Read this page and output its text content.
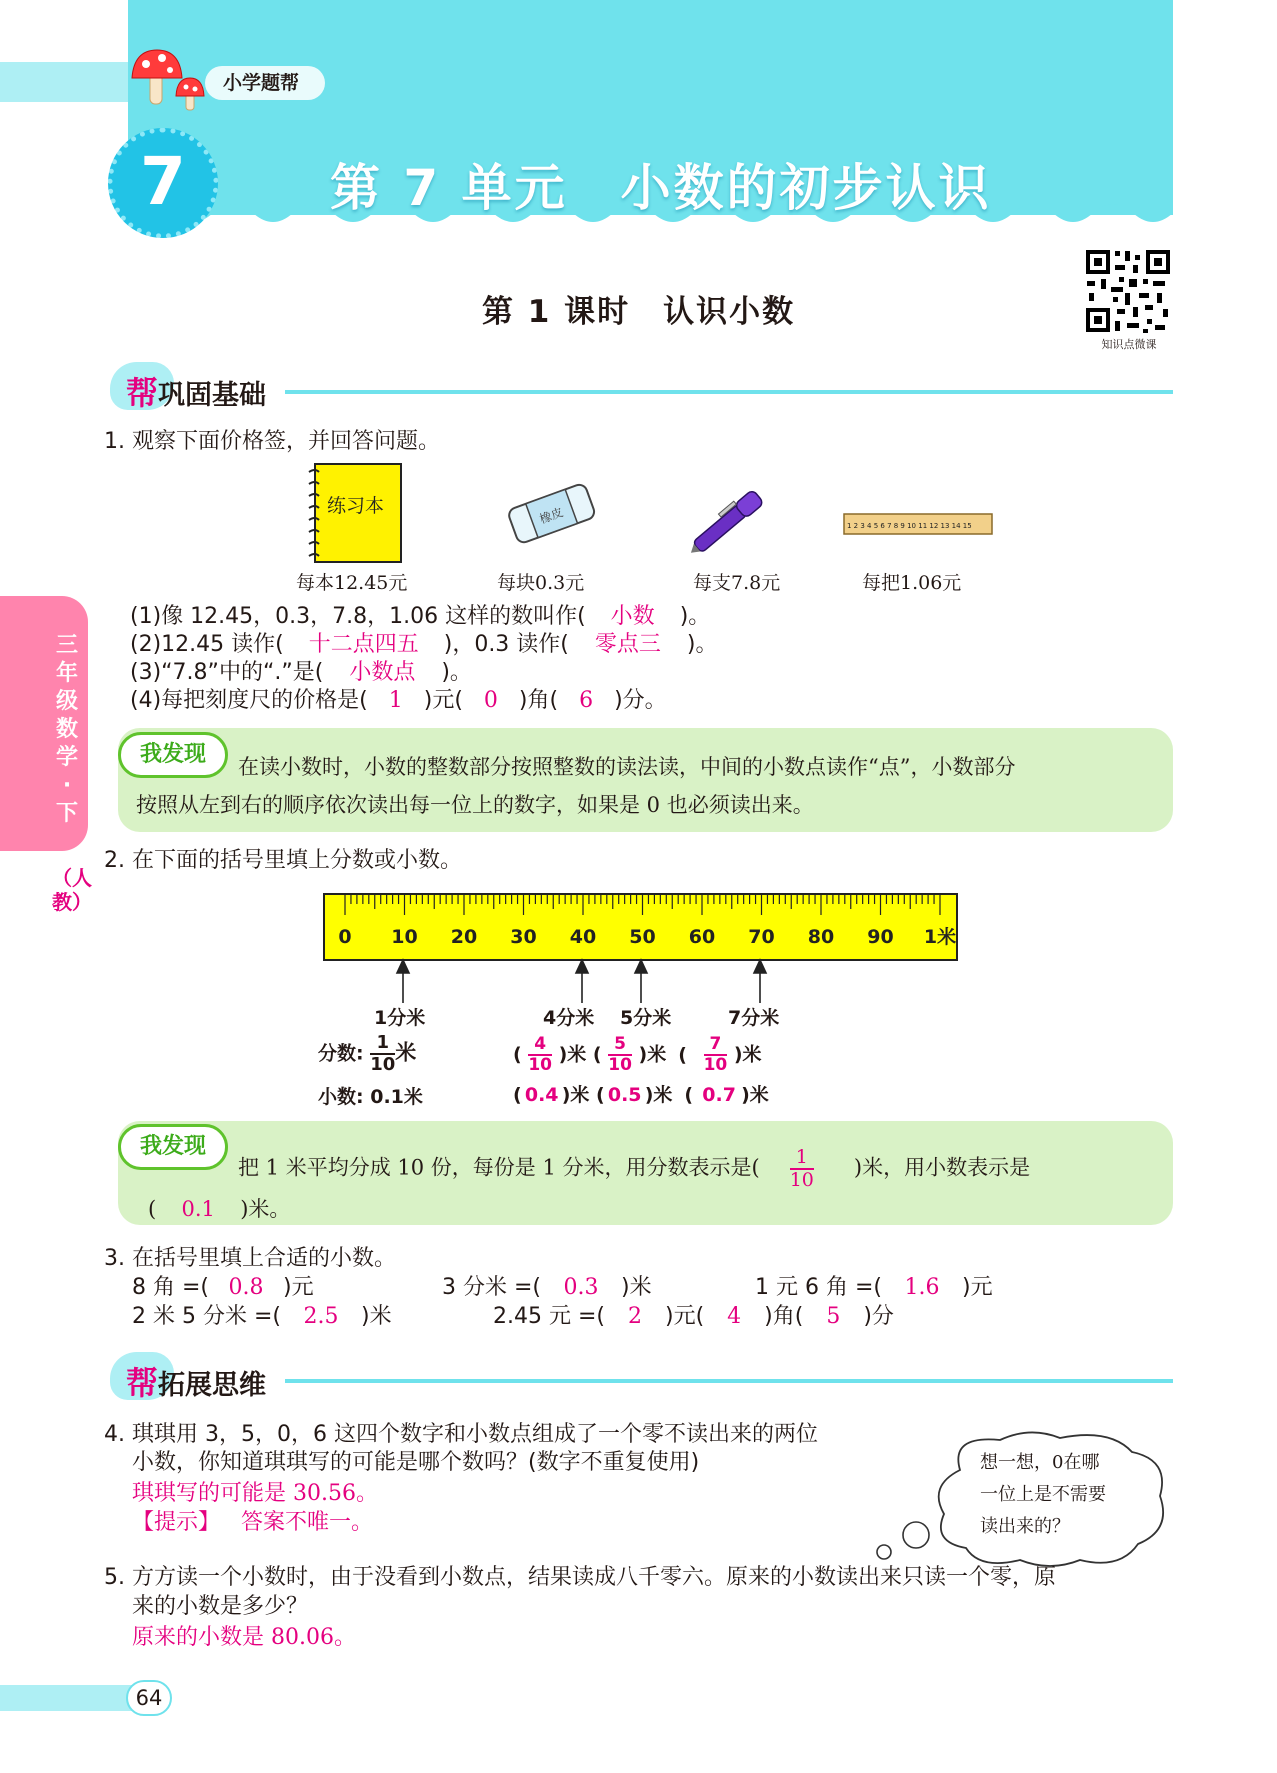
小学题帮
7	第 7 单元　小数的初步认识
第 1 课时　认识小数
知识点微课
三年级数学·下
（人教）
帮巩固基础
1. 观察下面价格签，并回答问题。
练习本	橡皮	1 2 3 4 5 6 7 8 9 10 11 12 13 14 15
每本12.45元	每块0.3元	每支7.8元	每把1.06元
(1)像 12.45，0.3，7.8，1.06 这样的数叫作( 小数 )。
(2)12.45 读作( 十二点四五 )，0.3 读作( 零点三 )。
(3)“7.8”中的“.”是( 小数点 )。
(4)每把刻度尺的价格是( 1 )元( 0 )角( 6 )分。
我发现	在读小数时，小数的整数部分按照整数的读法读，中间的小数点读作“点”，小数部分
按照从左到右的顺序依次读出每一位上的数字，如果是 0 也必须读出来。
2. 在下面的括号里填上分数或小数。
0 10 20 30 40 50 60 70 80 90 1米
1分米	4分米 5分米	7分米
分数: $\frac{1}{10}$ 米	( $\frac{4}{10}$ )米 ( $\frac{5}{10}$ )米 ( $\frac{7}{10}$ )米
小数: 0.1米	( 0.4 )米 ( 0.5 )米 ( 0.7 )米
我发现
把 1 米平均分成 10 份，每份是 1 分米，用分数表示是( $\frac{1}{10}$ )米，用小数表示是
( 0.1 )米。
3. 在括号里填上合适的小数。
8 角 =( 0.8 )元	3 分米 =( 0.3 )米	1 元 6 角 =( 1.6 )元
2 米 5 分米 =( 2.5 )米	2.45 元 =( 2 )元( 4 )角( 5 )分
帮拓展思维
4. 琪琪用 3，5，0，6 这四个数字和小数点组成了一个零不读出来的两位
小数，你知道琪琪写的可能是哪个数吗？(数字不重复使用)
琪琪写的可能是 30.56。
【提示】 答案不唯一。
想一想，0在哪
一位上是不需要
读出来的？
5. 方方读一个小数时，由于没看到小数点，结果读成八千零六。原来的小数读出来只读一个零，原
来的小数是多少？
原来的小数是 80.06。
64
